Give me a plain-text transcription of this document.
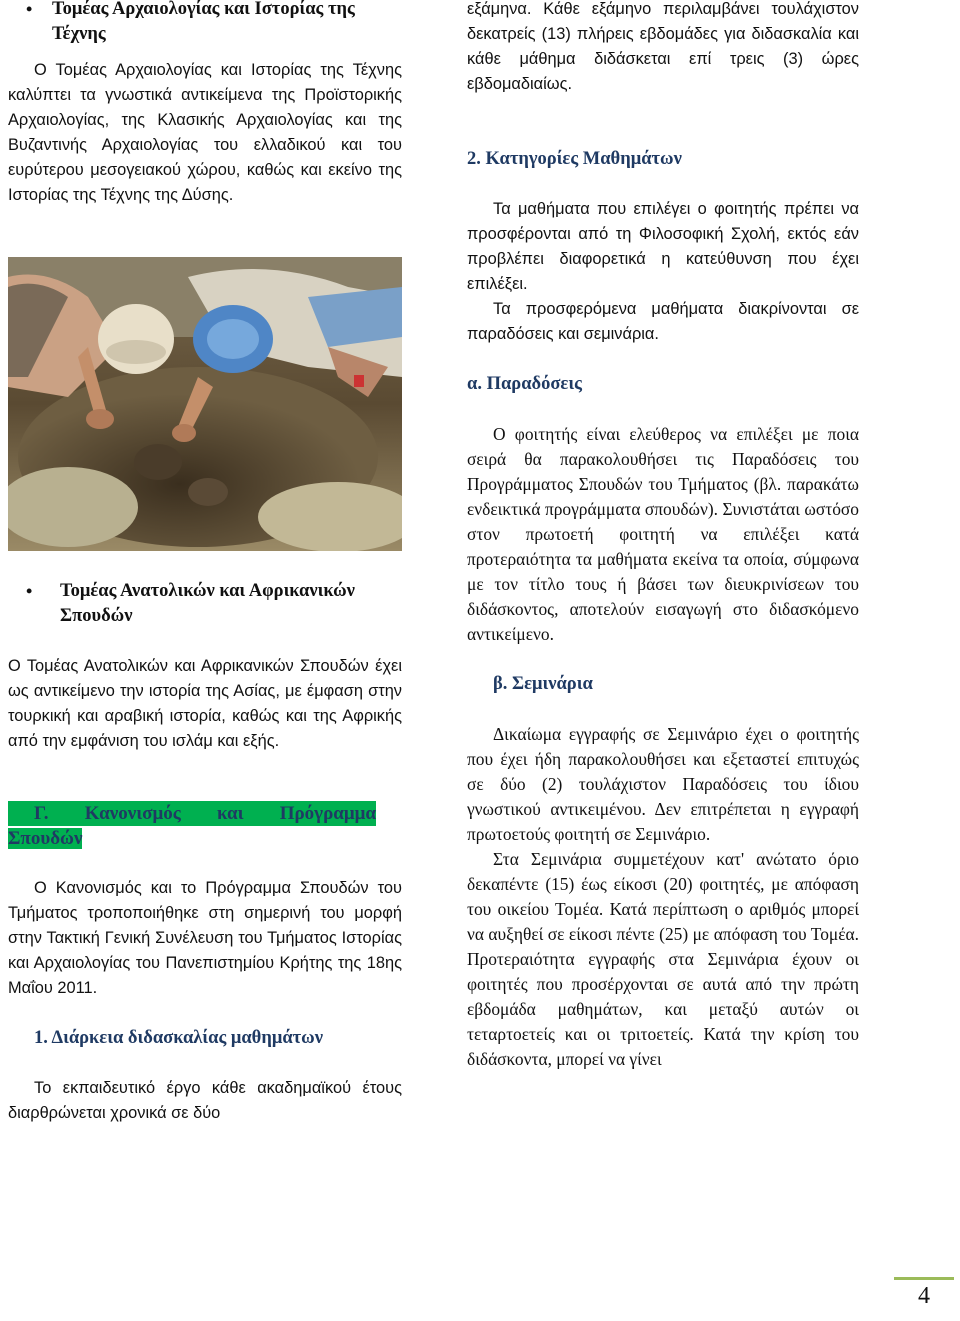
• Τομέας Αρχαιολογίας και Ιστορίας της Τέχνης

Ο Τομέας Αρχαιολογίας και Ιστορίας της Τέχνης καλύπτει τα γνωστικά αντικείμενα της Προϊστορικής Αρχαιολογίας, της Κλασικής Αρχαιολογίας και της Βυζαντινής Αρχαιολογίας του ελλαδικού και του ευρύτερου μεσογειακού χώρου, καθώς και εκείνο της Ιστορίας της Τέχνης της Δύσης.

• Τομέας Ανατολικών και Αφρικανικών Σπουδών

Ο Τομέας Ανατολικών και Αφρικανικών Σπουδών έχει ως αντικείμενο την ιστορία της Ασίας, με έμφαση στην τουρκική και αραβική ιστορία, καθώς και της Αφρικής από την εμφάνιση του ισλάμ και εξής.

Γ. Κανονισμός και Πρόγραμμα

Σπουδών

Ο Κανονισμός και το Πρόγραμμα Σπουδών του Τμήματος τροποποιήθηκε στη σημερινή του μορφή στην Τακτική Γενική Συνέλευση του Τμήματος Ιστορίας και Αρχαιολογίας του Πανεπιστημίου Κρήτης της 18ης Μαΐου 2011.

1. Διάρκεια διδασκαλίας μαθημάτων

Το εκπαιδευτικό έργο κάθε ακαδημαϊκού έτους διαρθρώνεται χρονικά σε δύο

εξάμηνα. Κάθε εξάμηνο περιλαμβάνει τουλάχιστον δεκατρείς (13) πλήρεις εβδομάδες για διδασκαλία και κάθε μάθημα διδάσκεται επί τρεις (3) ώρες εβδομαδιαίως.

2. Κατηγορίες Μαθημάτων

Τα μαθήματα που επιλέγει ο φοιτητής πρέπει να προσφέρονται από τη Φιλοσοφική Σχολή, εκτός εάν προβλέπει διαφορετικά η κατεύθυνση που έχει επιλέξει.

Τα προσφερόμενα μαθήματα διακρίνονται σε παραδόσεις και σεμινάρια.

α. Παραδόσεις

Ο φοιτητής είναι ελεύθερος να επιλέξει με ποια σειρά θα παρακολουθήσει τις Παραδόσεις του Προγράμματος Σπουδών του Τμήματος (βλ. παρακάτω ενδεικτικά προγράμματα σπουδών). Συνιστάται ωστόσο στον πρωτοετή φοιτητή να επιλέξει κατά προτεραιότητα τα μαθήματα εκείνα τα οποία, σύμφωνα με τον τίτλο τους ή βάσει των διευκρινίσεων του διδάσκοντος, αποτελούν εισαγωγή στο διδασκόμενο αντικείμενο.

β. Σεμινάρια

Δικαίωμα εγγραφής σε Σεμινάριο έχει ο φοιτητής που έχει ήδη παρακολουθήσει και εξεταστεί επιτυχώς σε δύο (2) τουλάχιστον Παραδόσεις του ίδιου γνωστικού αντικειμένου. Δεν επιτρέπεται η εγγραφή πρωτοετούς φοιτητή σε Σεμινάριο.

Στα Σεμινάρια συμμετέχουν κατ' ανώτατο όριο δεκαπέντε (15) έως είκοσι (20) φοιτητές, με απόφαση του οικείου Τομέα. Κατά περίπτωση ο αριθμός μπορεί να αυξηθεί σε είκοσι πέντε (25) με απόφαση του Τομέα. Προτεραιότητα εγγραφής στα Σεμινάρια έχουν οι φοιτητές που προσέρχονται σε αυτά από την πρώτη εβδομάδα μαθημάτων, και μεταξύ αυτών οι τεταρτοετείς και οι τριτοετείς. Κατά την κρίση του διδάσκοντα, μπορεί να γίνει

4
